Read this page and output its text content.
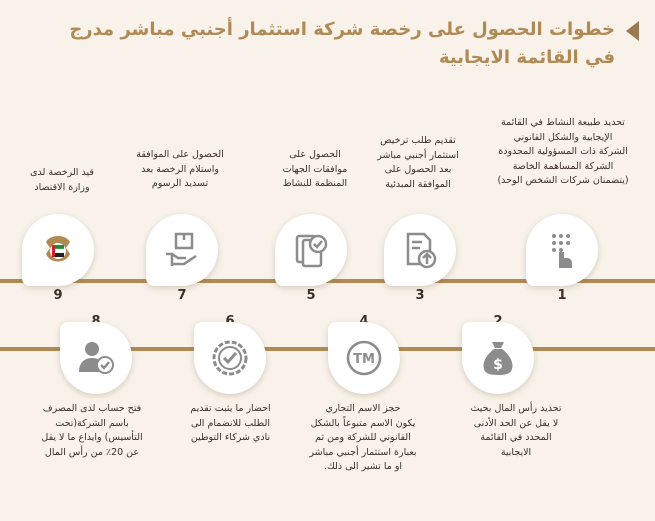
خطوات الحصول على رخصة شركة استثمار أجنبي مباشر مدرج في القائمة الايجابية
تحديد طبيعة النشاط في القائمة
الإيجابية والشكل القانوني
الشركة ذات المسؤولية المحدودة
الشركة المساهمة الخاصة
(يتضمنان شركات الشخص الوحد)
1
تقديم طلب ترخيص
استثمار أجنبي مباشر
بعد الحصول على
الموافقة المبدئية
3
الحصول على
موافقات الجهات
المنظمة للنشاط
5
الحصول على الموافقة
واستلام الرخصة بعد
تسديد الرسوم
7
قيد الرخصة لدى
وزارة الاقتصاد
9
$
تحديد رأس المال بحيث
لا يقل عن الحد الأدنى
المحدد في القائمة
الايجابية
TM
حجز الاسم التجاري
يكون الاسم متبوعاً بالشكل
القانوني للشركة ومن ثم
بعبارة استثمار أجنبي مباشر
او ما تشير الى ذلك.
احضار ما يثبت تقديم
الطلب للانضمام الى
نادي شركاء التوطين
فتح حساب لدى المصرف
باسم الشركة(تحت
التأسيس) وايداع ما لا يقل
عن 20٪ من رأس المال
